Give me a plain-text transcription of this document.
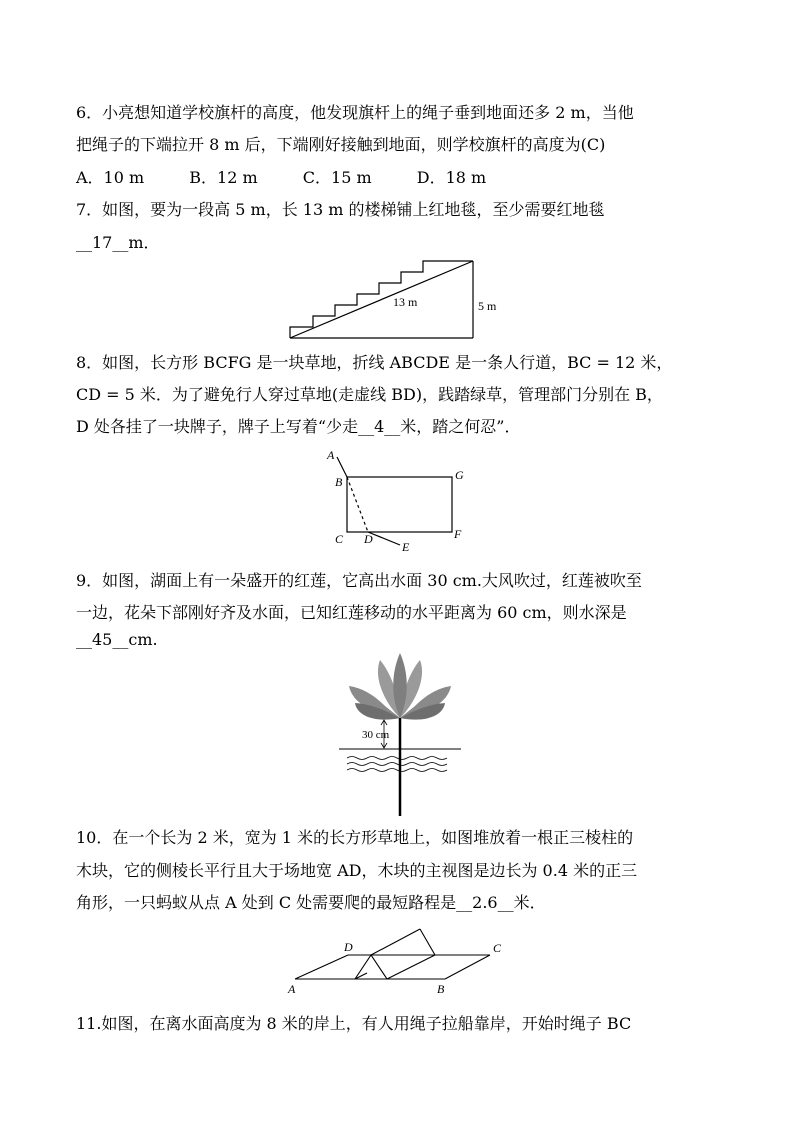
6．小亮想知道学校旗杆的高度，他发现旗杆上的绳子垂到地面还多 2 m，当他
把绳子的下端拉开 8 m 后，下端刚好接触到地面，则学校旗杆的高度为(C)
A．10 m	B．12 m	C．15 m	D．18 m
7．如图，要为一段高 5 m，长 13 m 的楼梯铺上红地毯，至少需要红地毯
__17__m．
13 m	5 m
8．如图，长方形 BCFG 是一块草地，折线 ABCDE 是一条人行道，BC = 12 米，
CD = 5 米．为了避免行人穿过草地(走虚线 BD)，践踏绿草，管理部门分别在 B，
D 处各挂了一块牌子，牌子上写着“少走__4__米，踏之何忍”．
A
B	G
C D
E
F
9．如图，湖面上有一朵盛开的红莲，它高出水面 30 cm.大风吹过，红莲被吹至
一边，花朵下部刚好齐及水面，已知红莲移动的水平距离为 60 cm，则水深是
__45__cm.
30 cm
10．在一个长为 2 米，宽为 1 米的长方形草地上，如图堆放着一根正三棱柱的
木块，它的侧棱长平行且大于场地宽 AD，木块的主视图是边长为 0.4 米的正三
角形，一只蚂蚁从点 A 处到 C 处需要爬的最短路程是__2.6__米．
D	C
A	B
11.如图，在离水面高度为 8 米的岸上，有人用绳子拉船靠岸，开始时绳子 BC
